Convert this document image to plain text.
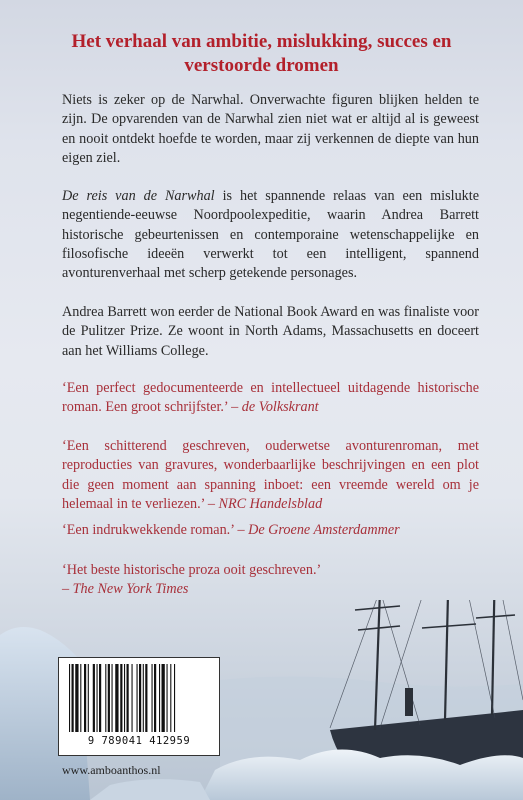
Het verhaal van ambitie, mislukking, succes en verstoorde dromen

Niets is zeker op de Narwhal. Onverwachte figuren blijken helden te zijn. De opvarenden van de Narwhal zien niet wat er altijd al is geweest en nooit ontdekt hoefde te worden, maar zij verkennen de diepte van hun eigen ziel.

De reis van de Narwhal is het spannende relaas van een mislukte negentiende-eeuwse Noordpoolexpeditie, waarin Andrea Barrett historische gebeurtenissen en contemporaine wetenschappelijke en filosofische ideeën verwerkt tot een intelligent, spannend avonturenverhaal met scherp getekende personages.

Andrea Barrett won eerder de National Book Award en was finaliste voor de Pulitzer Prize. Ze woont in North Adams, Massachusetts en doceert aan het Williams College.

‘Een perfect gedocumenteerde en intellectueel uitdagende historische roman. Een groot schrijfster.’ – de Volkskrant

‘Een schitterend geschreven, ouderwetse avonturenroman, met reproducties van gravures, wonderbaarlijke beschrijvingen en een plot die geen moment aan spanning inboet: een vreemde wereld om je helemaal in te verliezen.’ – NRC Handelsblad

‘Een indrukwekkende roman.’ – De Groene Amsterdammer

‘Het beste historische proza ooit geschreven.’
– The New York Times

9 789041 412959
www.amboanthos.nl
